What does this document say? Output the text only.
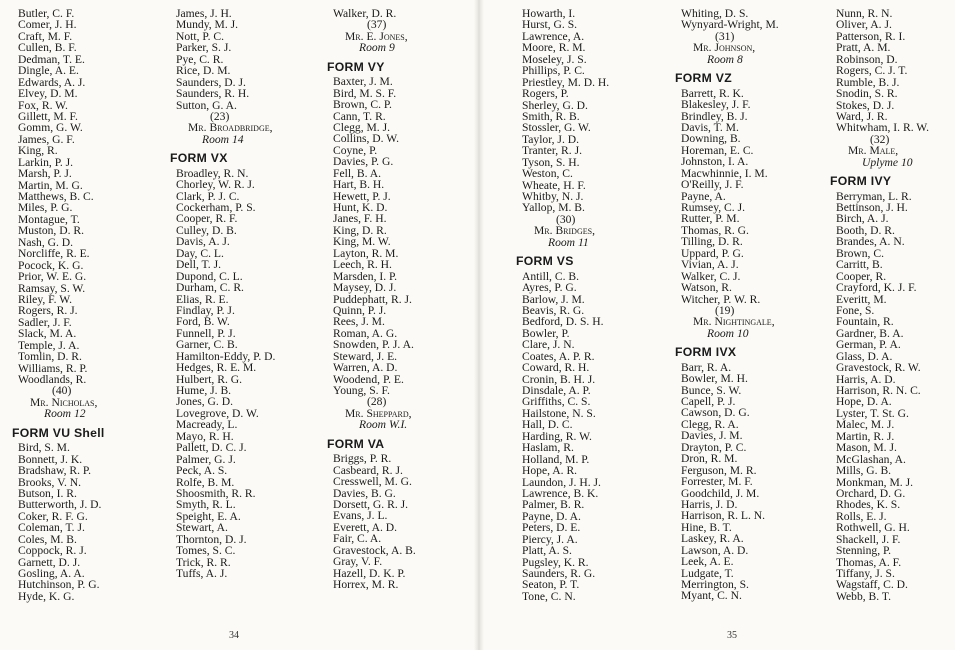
Butler, C. F.
Comer, J. H.
Craft, M. F.
Cullen, B. F.
Dedman, T. E.
Dingle, A. E.
Edwards, A. J.
Elvey, D. M.
Fox, R. W.
Gillett, M. F.
Gomm, G. W.
James, G. F.
King, R.
Larkin, P. J.
Marsh, P. J.
Martin, M. G.
Matthews, B. C.
Miles, P. G.
Montague, T.
Muston, D. R.
Nash, G. D.
Norcliffe, R. E.
Pocock, K. G.
Prior, W. E. G.
Ramsay, S. W.
Riley, F. W.
Rogers, R. J.
Sadler, J. F.
Slack, M. A.
Temple, J. A.
Tomlin, D. R.
Williams, R. P.
Woodlands, R.
(40)
Mr. Nicholas,
Room 12
FORM VU Shell
Bird, S. M.
Bonnett, J. K.
Bradshaw, R. P.
Brooks, V. N.
Butson, I. R.
Butterworth, J. D.
Coker, R. F. G.
Coleman, T. J.
Coles, M. B.
Coppock, R. J.
Garnett, D. J.
Gosling, A. A.
Hutchinson, P. G.
Hyde, K. G.
James, J. H.
Mundy, M. J.
Nott, P. C.
Parker, S. J.
Pye, C. R.
Rice, D. M.
Saunders, D. J.
Saunders, R. H.
Sutton, G. A.
(23)
Mr. Broadbridge,
Room 14
FORM VX
Broadley, R. N.
Chorley, W. R. J.
Clark, P. J. C.
Cockerham, P. S.
Cooper, R. F.
Culley, D. B.
Davis, A. J.
Day, C. L.
Dell, T. J.
Dupond, C. L.
Durham, C. R.
Elias, R. E.
Findlay, P. J.
Ford, B. W.
Funnell, P. J.
Garner, C. B.
Hamilton-Eddy, P. D.
Hedges, R. E. M.
Hulbert, R. G.
Hume, J. B.
Jones, G. D.
Lovegrove, D. W.
Macready, L.
Mayo, R. H.
Pallett, D. C. J.
Palmer, G. J.
Peck, A. S.
Rolfe, B. M.
Shoosmith, R. R.
Smyth, R. L.
Speight, E. A.
Stewart, A.
Thornton, D. J.
Tomes, S. C.
Trick, R. R.
Tuffs, A. J.
Walker, D. R.
(37)
Mr. E. Jones,
Room 9
FORM VY
Baxter, J. M.
Bird, M. S. F.
Brown, C. P.
Cann, T. R.
Clegg, M. J.
Collins, D. W.
Coyne, P.
Davies, P. G.
Fell, B. A.
Hart, B. H.
Hewett, P. J.
Hunt, K. D.
Janes, F. H.
King, D. R.
King, M. W.
Layton, R. M.
Leech, R. H.
Marsden, I. P.
Maysey, D. J.
Puddephatt, R. J.
Quinn, P. J.
Rees, J. M.
Roman, A. G.
Snowden, P. J. A.
Steward, J. E.
Warren, A. D.
Woodend, P. E.
Young, S. F.
(28)
Mr. Sheppard,
Room W.I.
FORM VA
Briggs, P. R.
Casbeard, R. J.
Cresswell, M. G.
Davies, B. G.
Dorsett, G. R. J.
Evans, J. L.
Everett, A. D.
Fair, C. A.
Gravestock, A. B.
Gray, V. F.
Hazell, D. K. P.
Horrex, M. R.
Howarth, I.
Hurst, G. S.
Lawrence, A.
Moore, R. M.
Moseley, J. S.
Phillips, P. C.
Priestley, M. D. H.
Rogers, P.
Sherley, G. D.
Smith, R. B.
Stossler, G. W.
Taylor, J. D.
Tranter, R. J.
Tyson, S. H.
Weston, C.
Wheate, H. F.
Whitby, N. J.
Yallop, M. B.
(30)
Mr. Bridges,
Room 11
FORM VS
Antill, C. B.
Ayres, P. G.
Barlow, J. M.
Beavis, R. G.
Bedford, D. S. H.
Bowler, P.
Clare, J. N.
Coates, A. P. R.
Coward, R. H.
Cronin, B. H. J.
Dinsdale, A. P.
Griffiths, C. S.
Hailstone, N. S.
Hall, D. C.
Harding, R. W.
Haslam, R.
Holland, M. P.
Hope, A. R.
Laundon, J. H. J.
Lawrence, B. K.
Palmer, B. R.
Payne, D. A.
Peters, D. E.
Piercy, J. A.
Platt, A. S.
Pugsley, K. R.
Saunders, R. G.
Seaton, P. T.
Tone, C. N.
Whiting, D. S.
Wynyard-Wright, M.
(31)
Mr. Johnson,
Room 8
FORM VZ
Barrett, R. K.
Blakesley, J. F.
Brindley, B. J.
Davis, T. M.
Downing, B.
Horeman, E. C.
Johnston, I. A.
Macwhinnie, I. M.
O'Reilly, J. F.
Payne, A.
Rumsey, C. J.
Rutter, P. M.
Thomas, R. G.
Tilling, D. R.
Uppard, P. G.
Vivian, A. J.
Walker, C. J.
Watson, R.
Witcher, P. W. R.
(19)
Mr. Nightingale,
Room 10
FORM IVX
Barr, R. A.
Bowler, M. H.
Bunce, S. W.
Capell, P. J.
Cawson, D. G.
Clegg, R. A.
Davies, J. M.
Drayton, P. C.
Dron, R. M.
Ferguson, M. R.
Forrester, M. F.
Goodchild, J. M.
Harris, J. D.
Harrison, R. L. N.
Hine, B. T.
Laskey, R. A.
Lawson, A. D.
Leek, A. E.
Ludgate, T.
Merrington, S.
Myant, C. N.
Nunn, R. N.
Oliver, A. J.
Patterson, R. I.
Pratt, A. M.
Robinson, D.
Rogers, C. J. T.
Rumble, B. J.
Snodin, S. R.
Stokes, D. J.
Ward, J. R.
Whitwham, I. R. W.
(32)
Mr. Male,
Uplyme 10
FORM IVY
Berryman, L. R.
Bettinson, J. H.
Birch, A. J.
Booth, D. R.
Brandes, A. N.
Brown, C.
Carritt, B.
Cooper, R.
Crayford, K. J. F.
Everitt, M.
Fone, S.
Fountain, R.
Gardner, B. A.
German, P. A.
Glass, D. A.
Gravestock, R. W.
Harris, A. D.
Harrison, R. N. C.
Hope, D. A.
Lyster, T. St. G.
Malec, M. J.
Martin, R. J.
Mason, M. J.
McGlashan, A.
Mills, G. B.
Monkman, M. J.
Orchard, D. G.
Rhodes, K. S.
Rolls, E. J.
Rothwell, G. H.
Shackell, J. F.
Stenning, P.
Thomas, A. F.
Tiffany, J. S.
Wagstaff, C. D.
Webb, B. T.
34	35
